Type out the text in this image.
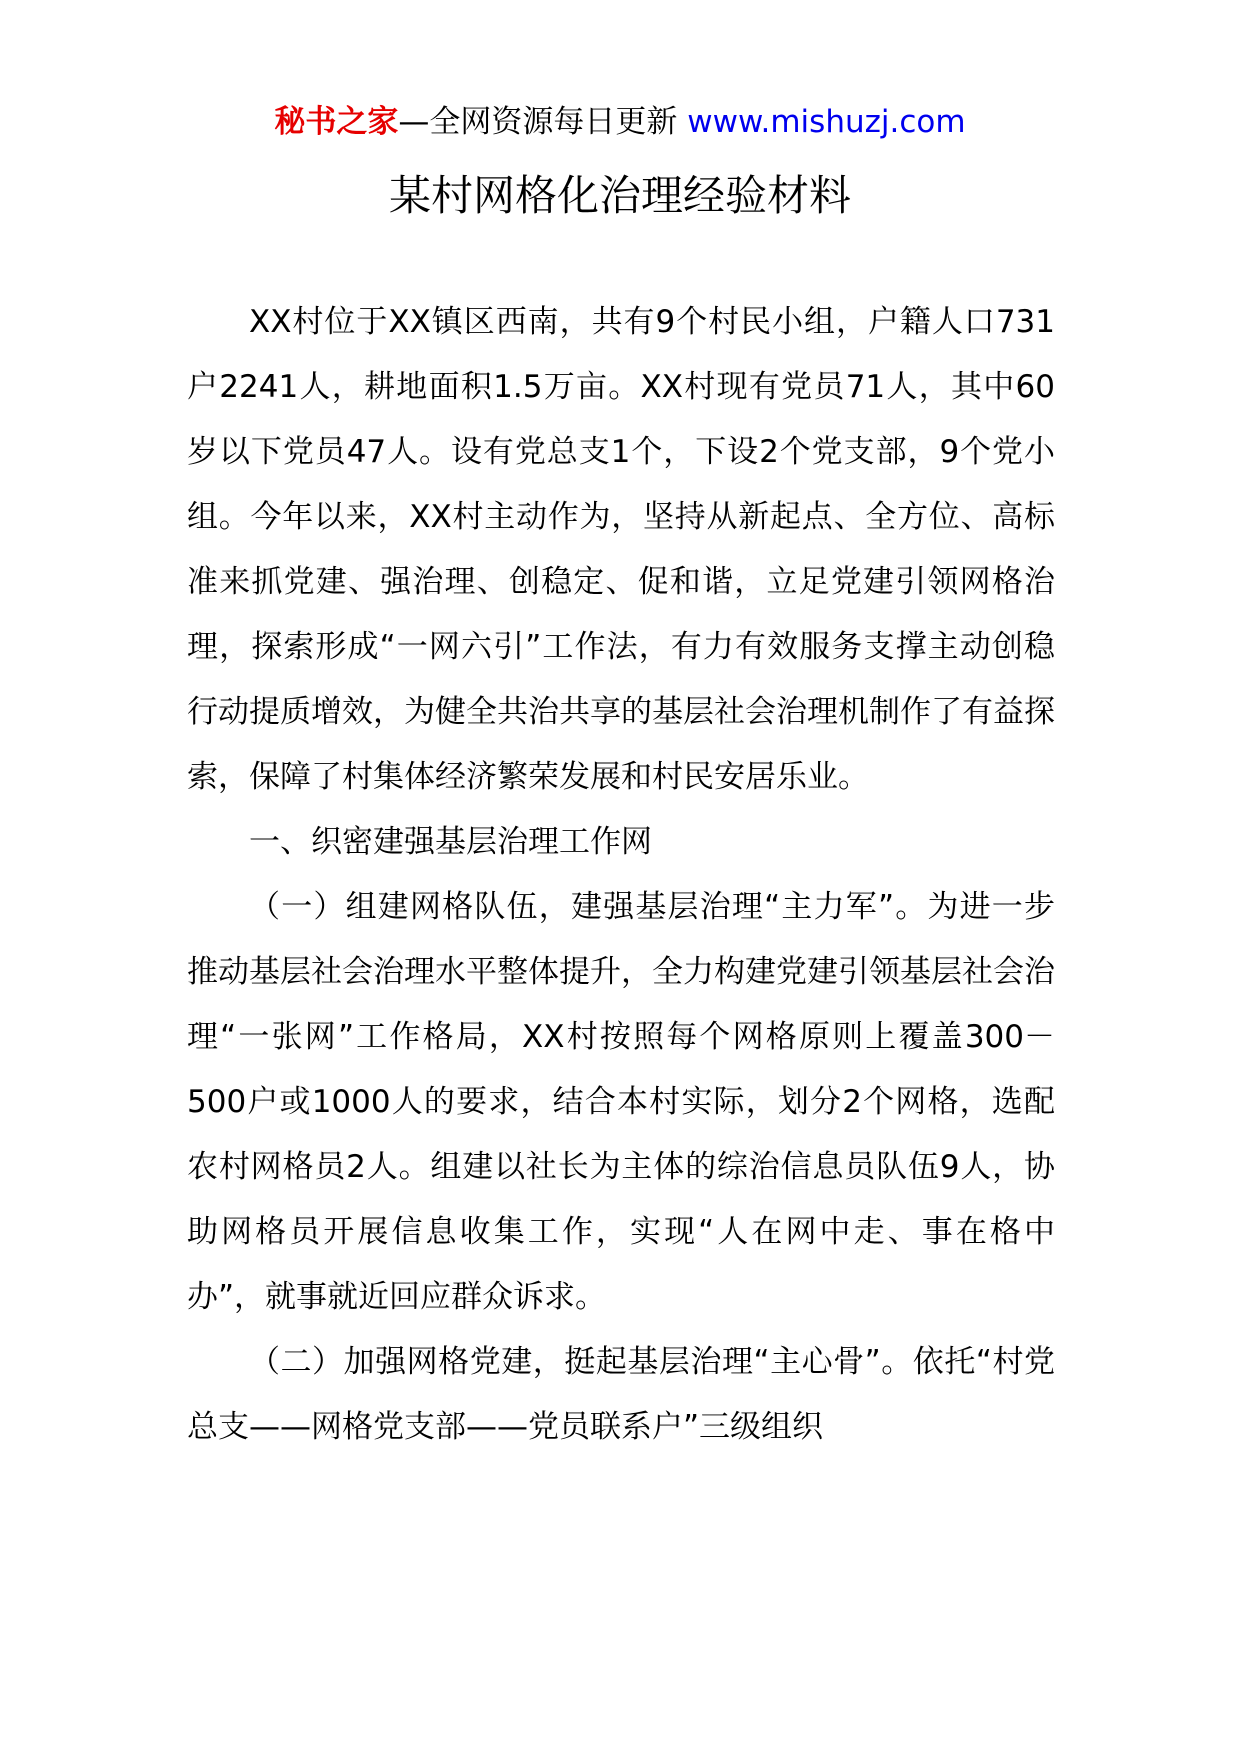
秘书之家—全网资源每日更新 www.mishuzj.com
某村网格化治理经验材料

XX村位于XX镇区西南，共有9个村民小组，户籍人口731户2241人，耕地面积1.5万亩。XX村现有党员71人，其中60岁以下党员47人。设有党总支1个，下设2个党支部，9个党小组。今年以来，XX村主动作为，坚持从新起点、全方位、高标准来抓党建、强治理、创稳定、促和谐，立足党建引领网格治理，探索形成“一网六引”工作法，有力有效服务支撑主动创稳行动提质增效，为健全共治共享的基层社会治理机制作了有益探索，保障了村集体经济繁荣发展和村民安居乐业。

一、织密建强基层治理工作网

（一）组建网格队伍，建强基层治理“主力军”。为进一步推动基层社会治理水平整体提升，全力构建党建引领基层社会治理“一张网”工作格局，XX村按照每个网格原则上覆盖300－500户或1000人的要求，结合本村实际，划分2个网格，选配农村网格员2人。组建以社长为主体的综治信息员队伍9人，协助网格员开展信息收集工作，实现“人在网中走、事在格中办”，就事就近回应群众诉求。

（二）加强网格党建，挺起基层治理“主心骨”。依托“村党总支——网格党支部——党员联系户”三级组织
